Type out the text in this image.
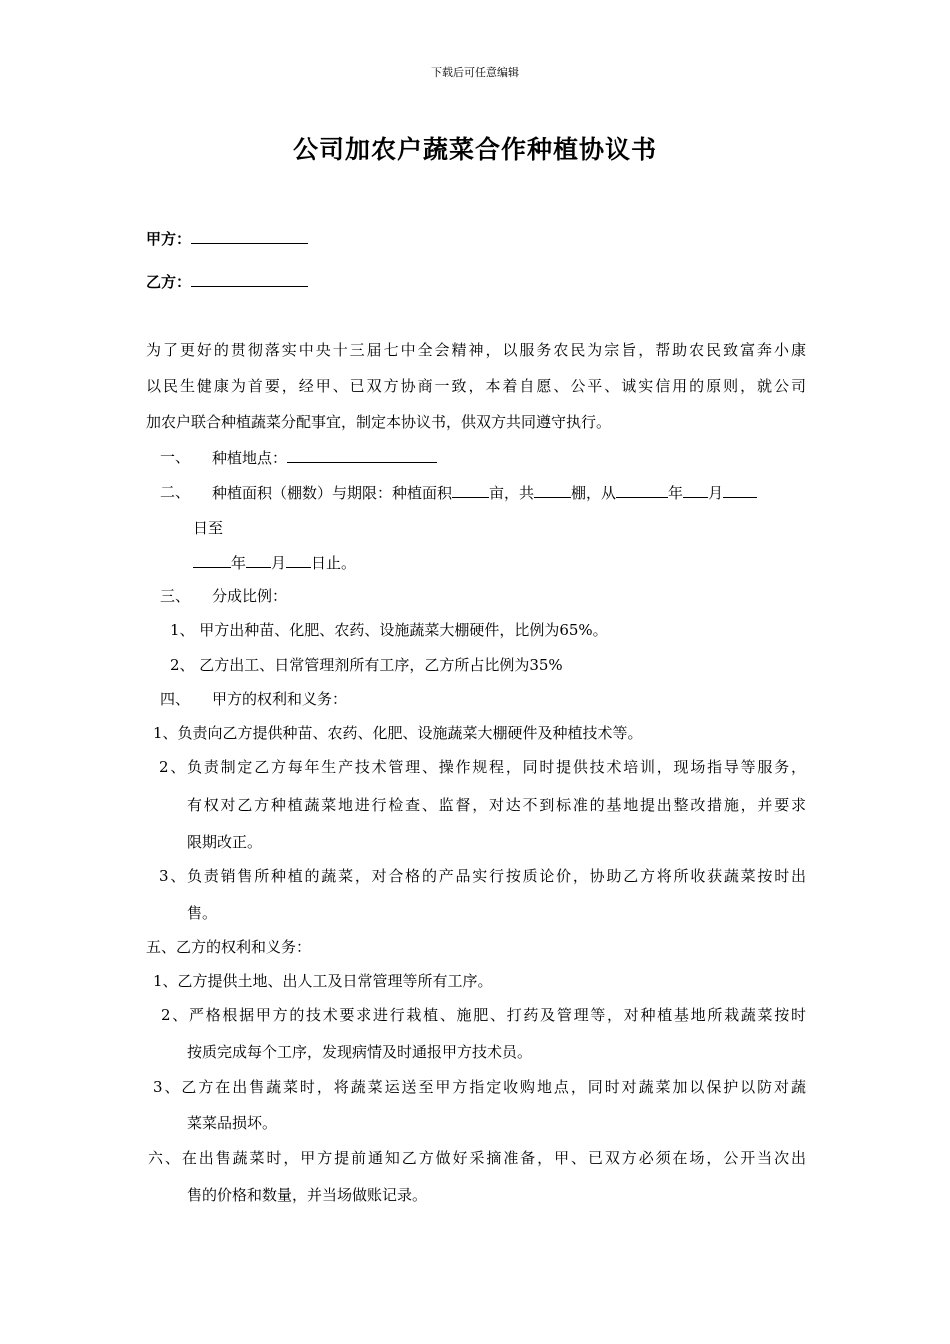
下载后可任意编辑
公司加农户蔬菜合作种植协议书
甲方：
乙方：
为了更好的贯彻落实中央十三届七中全会精神，以服务农民为宗旨，帮助农民致富奔小康
以民生健康为首要，经甲、已双方协商一致，本着自愿、公平、诚实信用的原则，就公司
加农户联合种植蔬菜分配事宜，制定本协议书，供双方共同遵守执行。
一、 种植地点：
二、 种植面积（棚数）与期限：种植面积 亩，共 棚，从	年 月
日至
年 月 日止。
三、 分成比例：
1、 甲方出种苗、化肥、农药、设施蔬菜大棚硬件，比例为65%。
2、 乙方出工、日常管理剂所有工序，乙方所占比例为35%
四、 甲方的权利和义务：
1、负责向乙方提供种苗、农药、化肥、设施蔬菜大棚硬件及种植技术等。
2、负责制定乙方每年生产技术管理、操作规程，同时提供技术培训，现场指导等服务，
有权对乙方种植蔬菜地进行检查、监督，对达不到标准的基地提出整改措施，并要求
限期改正。
3、负责销售所种植的蔬菜，对合格的产品实行按质论价，协助乙方将所收获蔬菜按时出
售。
五、乙方的权利和义务：
1、乙方提供土地、出人工及日常管理等所有工序。
2、严格根据甲方的技术要求进行栽植、施肥、打药及管理等，对种植基地所栽蔬菜按时
按质完成每个工序，发现病情及时通报甲方技术员。
3、乙方在出售蔬菜时，将蔬菜运送至甲方指定收购地点，同时对蔬菜加以保护以防对蔬
菜菜品损坏。
六、在出售蔬菜时，甲方提前通知乙方做好采摘准备，甲、已双方必须在场，公开当次出
售的价格和数量，并当场做账记录。
